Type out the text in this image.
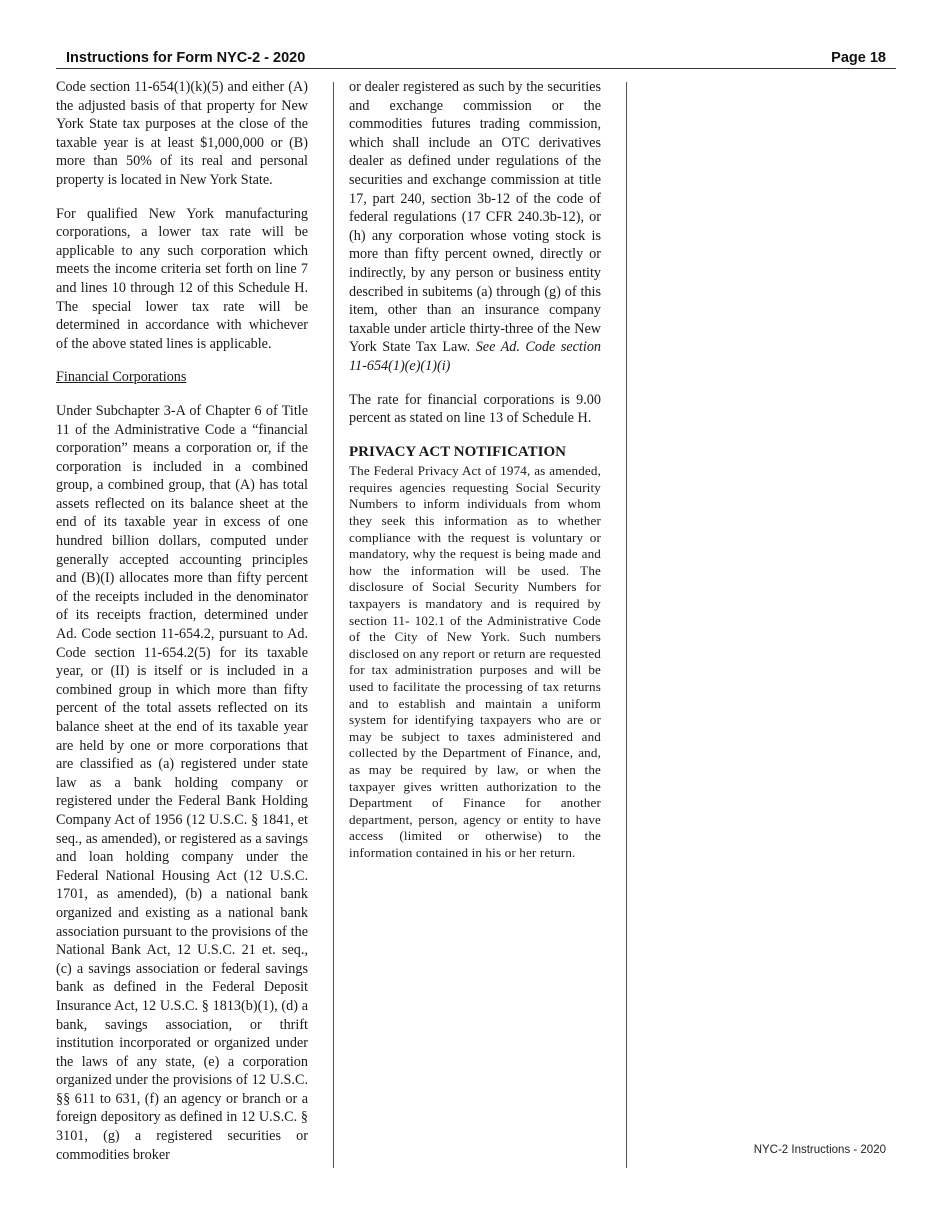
Instructions for Form NYC-2 - 2020	Page 18

Code section 11-654(1)(k)(5) and either (A) the adjusted basis of that property for New York State tax purposes at the close of the taxable year is at least $1,000,000 or (B) more than 50% of its real and personal property is located in New York State.

For qualified New York manufacturing corporations, a lower tax rate will be applicable to any such corporation which meets the income criteria set forth on line 7 and lines 10 through 12 of this Schedule H. The special lower tax rate will be determined in accordance with whichever of the above stated lines is applicable.

Financial Corporations

Under Subchapter 3-A of Chapter 6 of Title 11 of the Administrative Code a “financial corporation” means a corporation or, if the corporation is included in a combined group, a combined group, that (A) has total assets reflected on its balance sheet at the end of its taxable year in excess of one hundred billion dollars, computed under generally accepted accounting principles and (B)(I) allocates more than fifty percent of the receipts included in the denominator of its receipts fraction, determined under Ad. Code section 11-654.2, pursuant to Ad. Code section 11-654.2(5) for its taxable year, or (II) is itself or is included in a combined group in which more than fifty percent of the total assets reflected on its balance sheet at the end of its taxable year are held by one or more corporations that are classified as (a) registered under state law as a bank holding company or registered under the Federal Bank Holding Company Act of 1956 (12 U.S.C. § 1841, et seq., as amended), or registered as a savings and loan holding company under the Federal National Housing Act (12 U.S.C. 1701, as amended), (b) a national bank organized and existing as a national bank association pursuant to the provisions of the National Bank Act, 12 U.S.C. 21 et. seq., (c) a savings association or federal savings bank as defined in the Federal Deposit Insurance Act, 12 U.S.C. § 1813(b)(1), (d) a bank, savings association, or thrift institution incorporated or organized under the laws of any state, (e) a corporation organized under the provisions of 12 U.S.C. §§ 611 to 631, (f) an agency or branch or a foreign depository as defined in 12 U.S.C. § 3101, (g) a registered securities or commodities broker

or dealer registered as such by the securities and exchange commission or the commodities futures trading commission, which shall include an OTC derivatives dealer as defined under regulations of the securities and exchange commission at title 17, part 240, section 3b-12 of the code of federal regulations (17 CFR 240.3b-12), or (h) any corporation whose voting stock is more than fifty percent owned, directly or indirectly, by any person or business entity described in subitems (a) through (g) of this item, other than an insurance company taxable under article thirty-three of the New York State Tax Law. See Ad. Code section 11-654(1)(e)(1)(i)

The rate for financial corporations is 9.00 percent as stated on line 13 of Schedule H.

PRIVACY ACT NOTIFICATION
The Federal Privacy Act of 1974, as amended, requires agencies requesting Social Security Numbers to inform individuals from whom they seek this information as to whether compliance with the request is voluntary or mandatory, why the request is being made and how the information will be used. The disclosure of Social Security Numbers for taxpayers is mandatory and is required by section 11- 102.1 of the Administrative Code of the City of New York. Such numbers disclosed on any report or return are requested for tax administration purposes and will be used to facilitate the processing of tax returns and to establish and maintain a uniform system for identifying taxpayers who are or may be subject to taxes administered and collected by the Department of Finance, and, as may be required by law, or when the taxpayer gives written authorization to the Department of Finance for another department, person, agency or entity to have access (limited or otherwise) to the information contained in his or her return.
NYC-2 Instructions - 2020
